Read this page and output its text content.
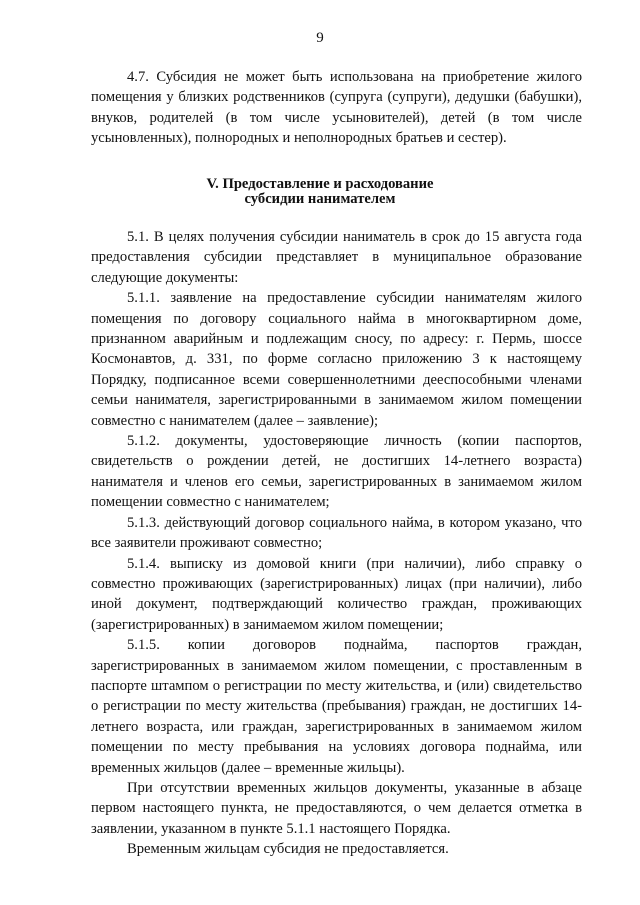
9

4.7. Субсидия не может быть использована на приобретение жилого помещения у близких родственников (супруга (супруги), дедушки (бабушки), внуков, родителей (в том числе усыновителей), детей (в том числе усыновленных), полнородных и неполнородных братьев и сестер).

V. Предоставление и расходование
субсидии нанимателем

5.1. В целях получения субсидии наниматель в срок до 15 августа года предоставления субсидии представляет в муниципальное образование следующие документы:

5.1.1. заявление на предоставление субсидии нанимателям жилого помещения по договору социального найма в многоквартирном доме, признанном аварийным и подлежащим сносу, по адресу: г. Пермь, шоссе Космонавтов, д. 331, по форме согласно приложению 3 к настоящему Порядку, подписанное всеми совершеннолетними дееспособными членами семьи нанимателя, зарегистрированными в занимаемом жилом помещении совместно с нанимателем (далее – заявление);

5.1.2. документы, удостоверяющие личность (копии паспортов, свидетельств о рождении детей, не достигших 14-летнего возраста) нанимателя и членов его семьи, зарегистрированных в занимаемом жилом помещении совместно с нанимателем;

5.1.3. действующий договор социального найма, в котором указано, что все заявители проживают совместно;

5.1.4. выписку из домовой книги (при наличии), либо справку о совместно проживающих (зарегистрированных) лицах (при наличии), либо иной документ, подтверждающий количество граждан, проживающих (зарегистрированных) в занимаемом жилом помещении;

5.1.5. копии договоров поднайма, паспортов граждан, зарегистрированных в занимаемом жилом помещении, с проставленным в паспорте штампом о регистрации по месту жительства, и (или) свидетельство о регистрации по месту жительства (пребывания) граждан, не достигших 14-летнего возраста, или граждан, зарегистрированных в занимаемом жилом помещении по месту пребывания на условиях договора поднайма, или временных жильцов (далее – временные жильцы).

При отсутствии временных жильцов документы, указанные в абзаце первом настоящего пункта, не предоставляются, о чем делается отметка в заявлении, указанном в пункте 5.1.1 настоящего Порядка.

Временным жильцам субсидия не предоставляется.
